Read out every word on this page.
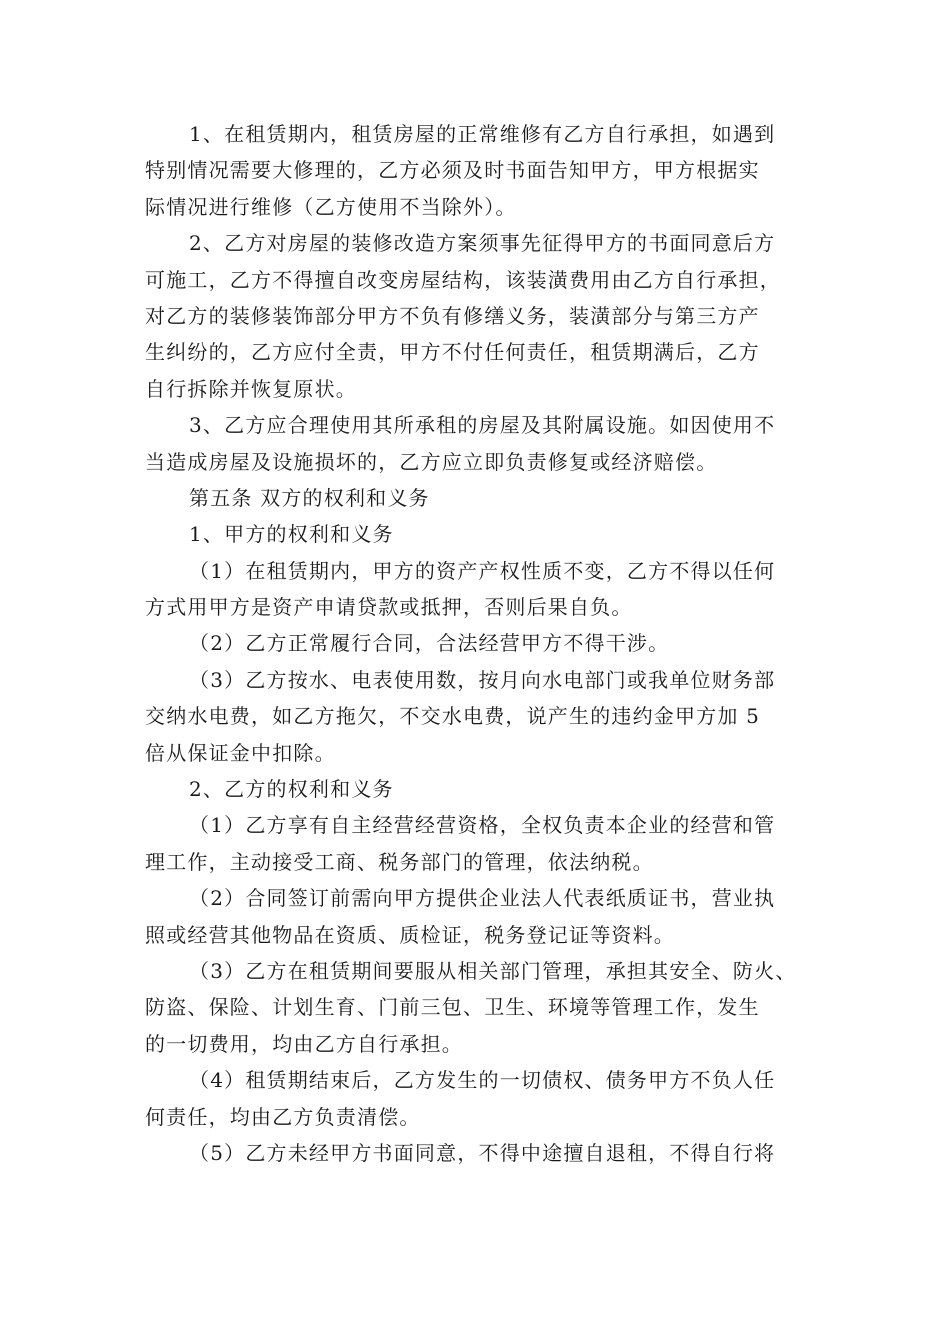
1、在租赁期内，租赁房屋的正常维修有乙方自行承担，如遇到
特别情况需要大修理的，乙方必须及时书面告知甲方，甲方根据实
际情况进行维修（乙方使用不当除外）。
2、乙方对房屋的装修改造方案须事先征得甲方的书面同意后方
可施工，乙方不得擅自改变房屋结构，该装潢费用由乙方自行承担，
对乙方的装修装饰部分甲方不负有修缮义务，装潢部分与第三方产
生纠纷的，乙方应付全责，甲方不付任何责任，租赁期满后，乙方
自行拆除并恢复原状。
3、乙方应合理使用其所承租的房屋及其附属设施。如因使用不
当造成房屋及设施损坏的，乙方应立即负责修复或经济赔偿。
第五条 双方的权利和义务
1、甲方的权利和义务
（1）在租赁期内，甲方的资产产权性质不变，乙方不得以任何
方式用甲方是资产申请贷款或抵押，否则后果自负。
（2）乙方正常履行合同，合法经营甲方不得干涉。
（3）乙方按水、电表使用数，按月向水电部门或我单位财务部
交纳水电费，如乙方拖欠，不交水电费，说产生的违约金甲方加 5
倍从保证金中扣除。
2、乙方的权利和义务
（1）乙方享有自主经营经营资格，全权负责本企业的经营和管
理工作，主动接受工商、税务部门的管理，依法纳税。
（2）合同签订前需向甲方提供企业法人代表纸质证书，营业执
照或经营其他物品在资质、质检证，税务登记证等资料。
（3）乙方在租赁期间要服从相关部门管理，承担其安全、防火、
防盗、保险、计划生育、门前三包、卫生、环境等管理工作，发生
的一切费用，均由乙方自行承担。
（4）租赁期结束后，乙方发生的一切债权、债务甲方不负人任
何责任，均由乙方负责清偿。
（5）乙方未经甲方书面同意，不得中途擅自退租，不得自行将
